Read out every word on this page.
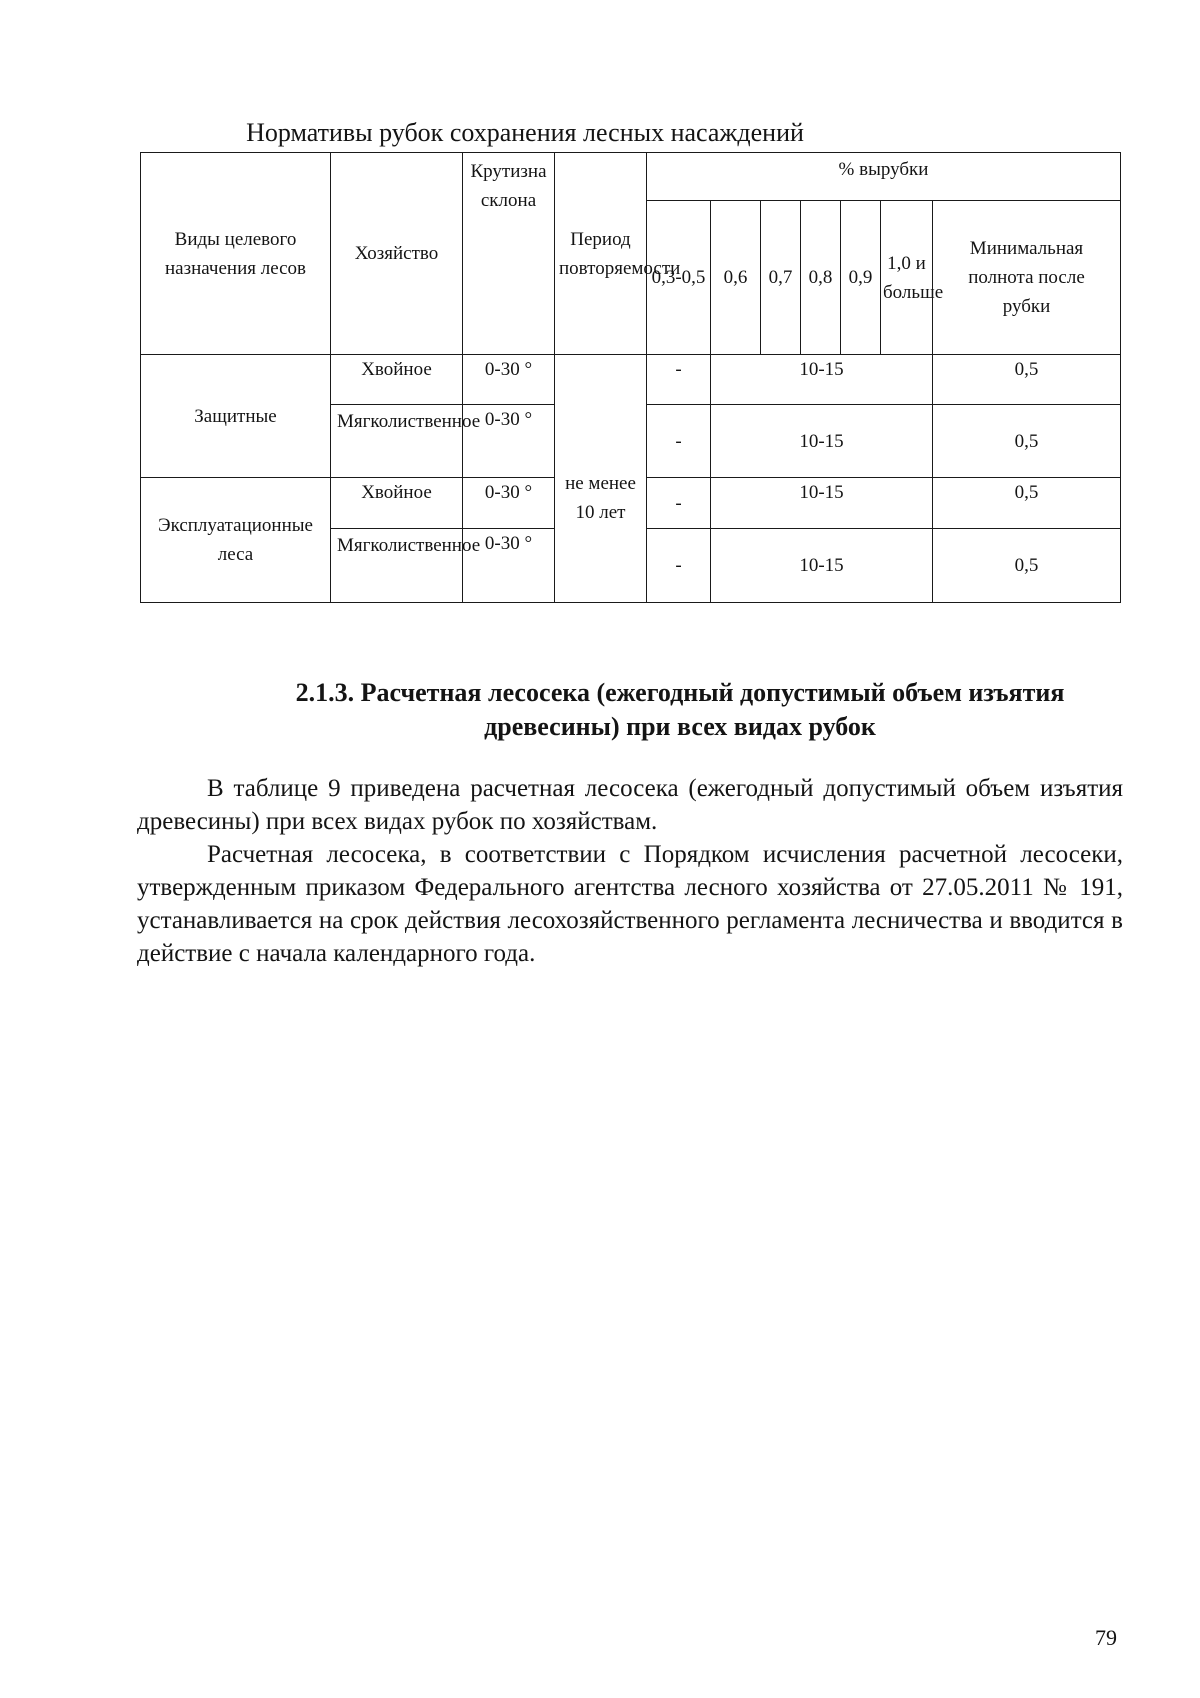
Нормативы рубок сохранения лесных насаждений
Виды целевого назначения лесов	Хозяйство	Крутизна склона	Период повторяемости	% вырубки						
				0,3-0,5	0,6	0,7	0,8	0,9	1,0 и больше	Минимальная полнота после рубки
Защитные	Хвойное	0-30 °	не менее 10 лет	-	10-15					0,5
	Мягколиственное	0-30 °		-	10-15					0,5
Эксплуатационные леса	Хвойное	0-30 °		-	10-15					0,5
	Мягколиственное	0-30 °		-	10-15					0,5
2.1.3. Расчетная лесосека (ежегодный допустимый объем изъятия древесины) при всех видах рубок

В таблице 9 приведена расчетная лесосека (ежегодный допустимый объем изъятия древесины) при всех видах рубок по хозяйствам.

Расчетная лесосека, в соответствии с Порядком исчисления расчетной лесосеки, утвержденным приказом Федерального агентства лесного хозяйства от 27.05.2011 № 191, устанавливается на срок действия лесохозяйственного регламента лесничества и вводится в действие с начала календарного года.

79
